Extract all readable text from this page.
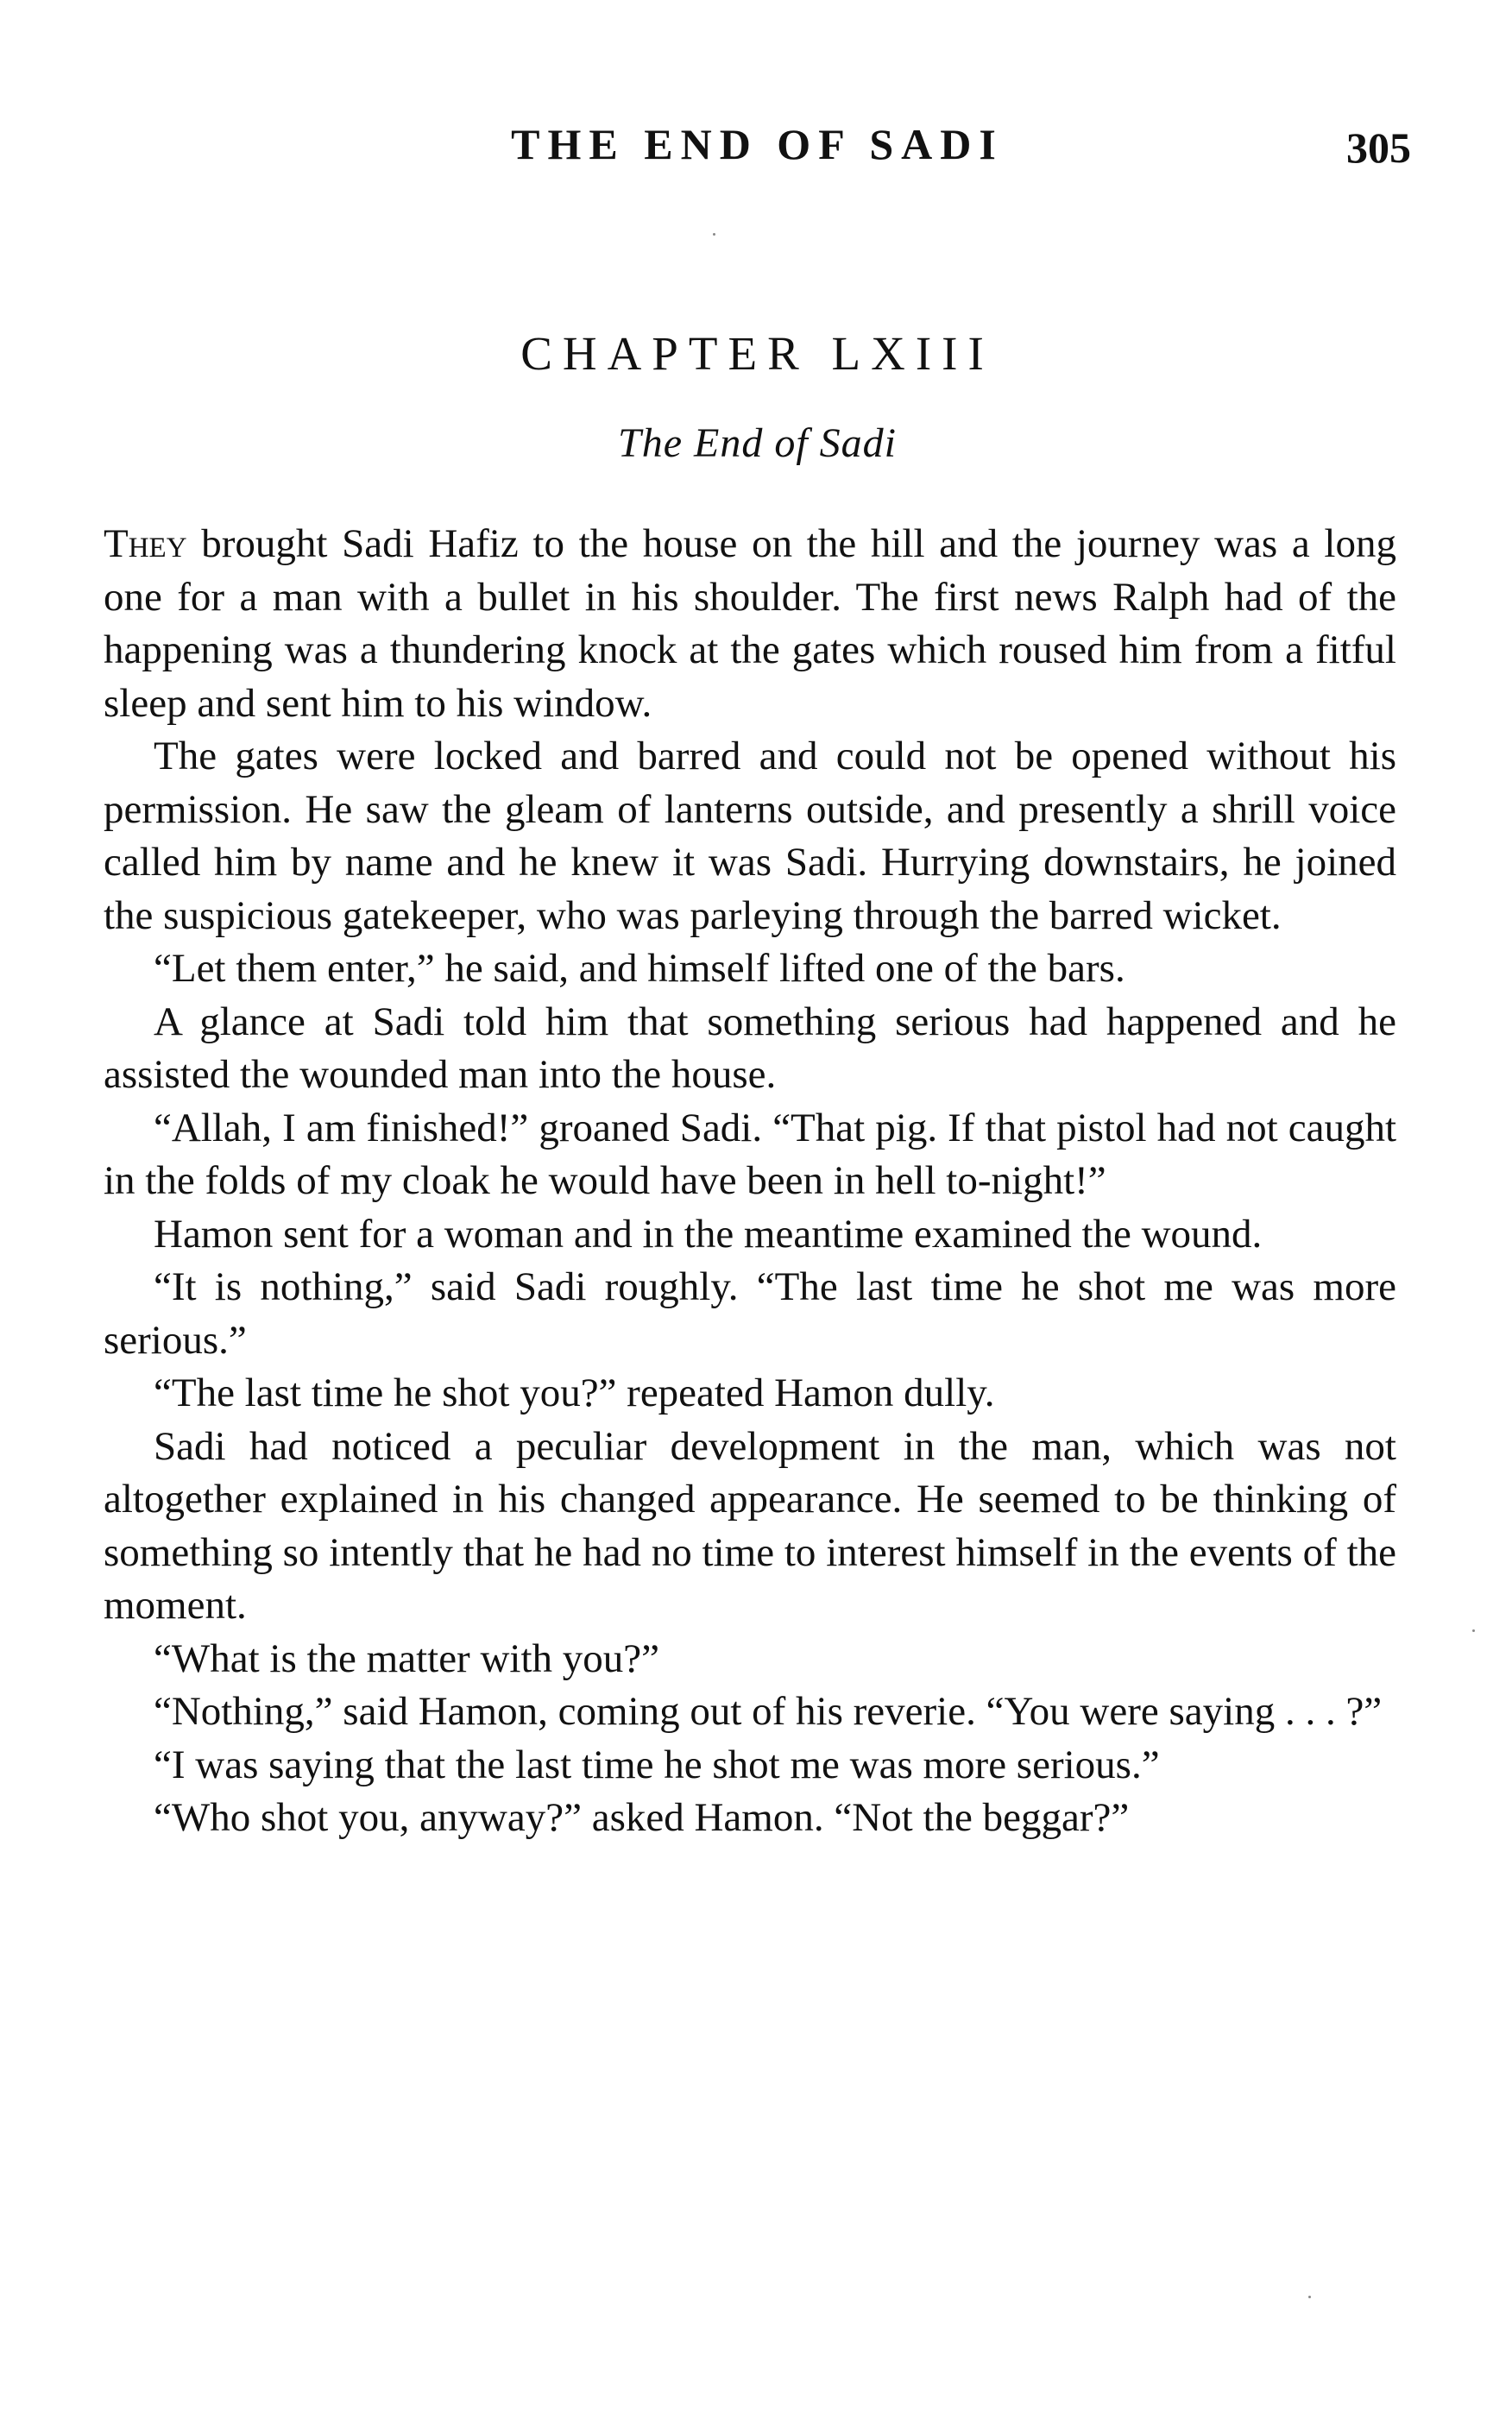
THE END OF SADI	305
CHAPTER LXIII
The End of Sadi

They brought Sadi Hafiz to the house on the hill and the journey was a long one for a man with a bullet in his shoulder. The first news Ralph had of the happening was a thundering knock at the gates which roused him from a fitful sleep and sent him to his window.

The gates were locked and barred and could not be opened without his permission. He saw the gleam of lanterns outside, and presently a shrill voice called him by name and he knew it was Sadi. Hurrying downstairs, he joined the suspicious gatekeeper, who was parleying through the barred wicket.

“Let them enter,” he said, and himself lifted one of the bars.

A glance at Sadi told him that something serious had happened and he assisted the wounded man into the house.

“Allah, I am finished!” groaned Sadi. “That pig. If that pistol had not caught in the folds of my cloak he would have been in hell to-night!”

Hamon sent for a woman and in the meantime examined the wound.

“It is nothing,” said Sadi roughly. “The last time he shot me was more serious.”

“The last time he shot you?” repeated Hamon dully.

Sadi had noticed a peculiar development in the man, which was not altogether explained in his changed appearance. He seemed to be thinking of something so intently that he had no time to interest himself in the events of the moment.

“What is the matter with you?”

“Nothing,” said Hamon, coming out of his reverie. “You were saying . . . ?”

“I was saying that the last time he shot me was more serious.”

“Who shot you, anyway?” asked Hamon. “Not the beggar?”
